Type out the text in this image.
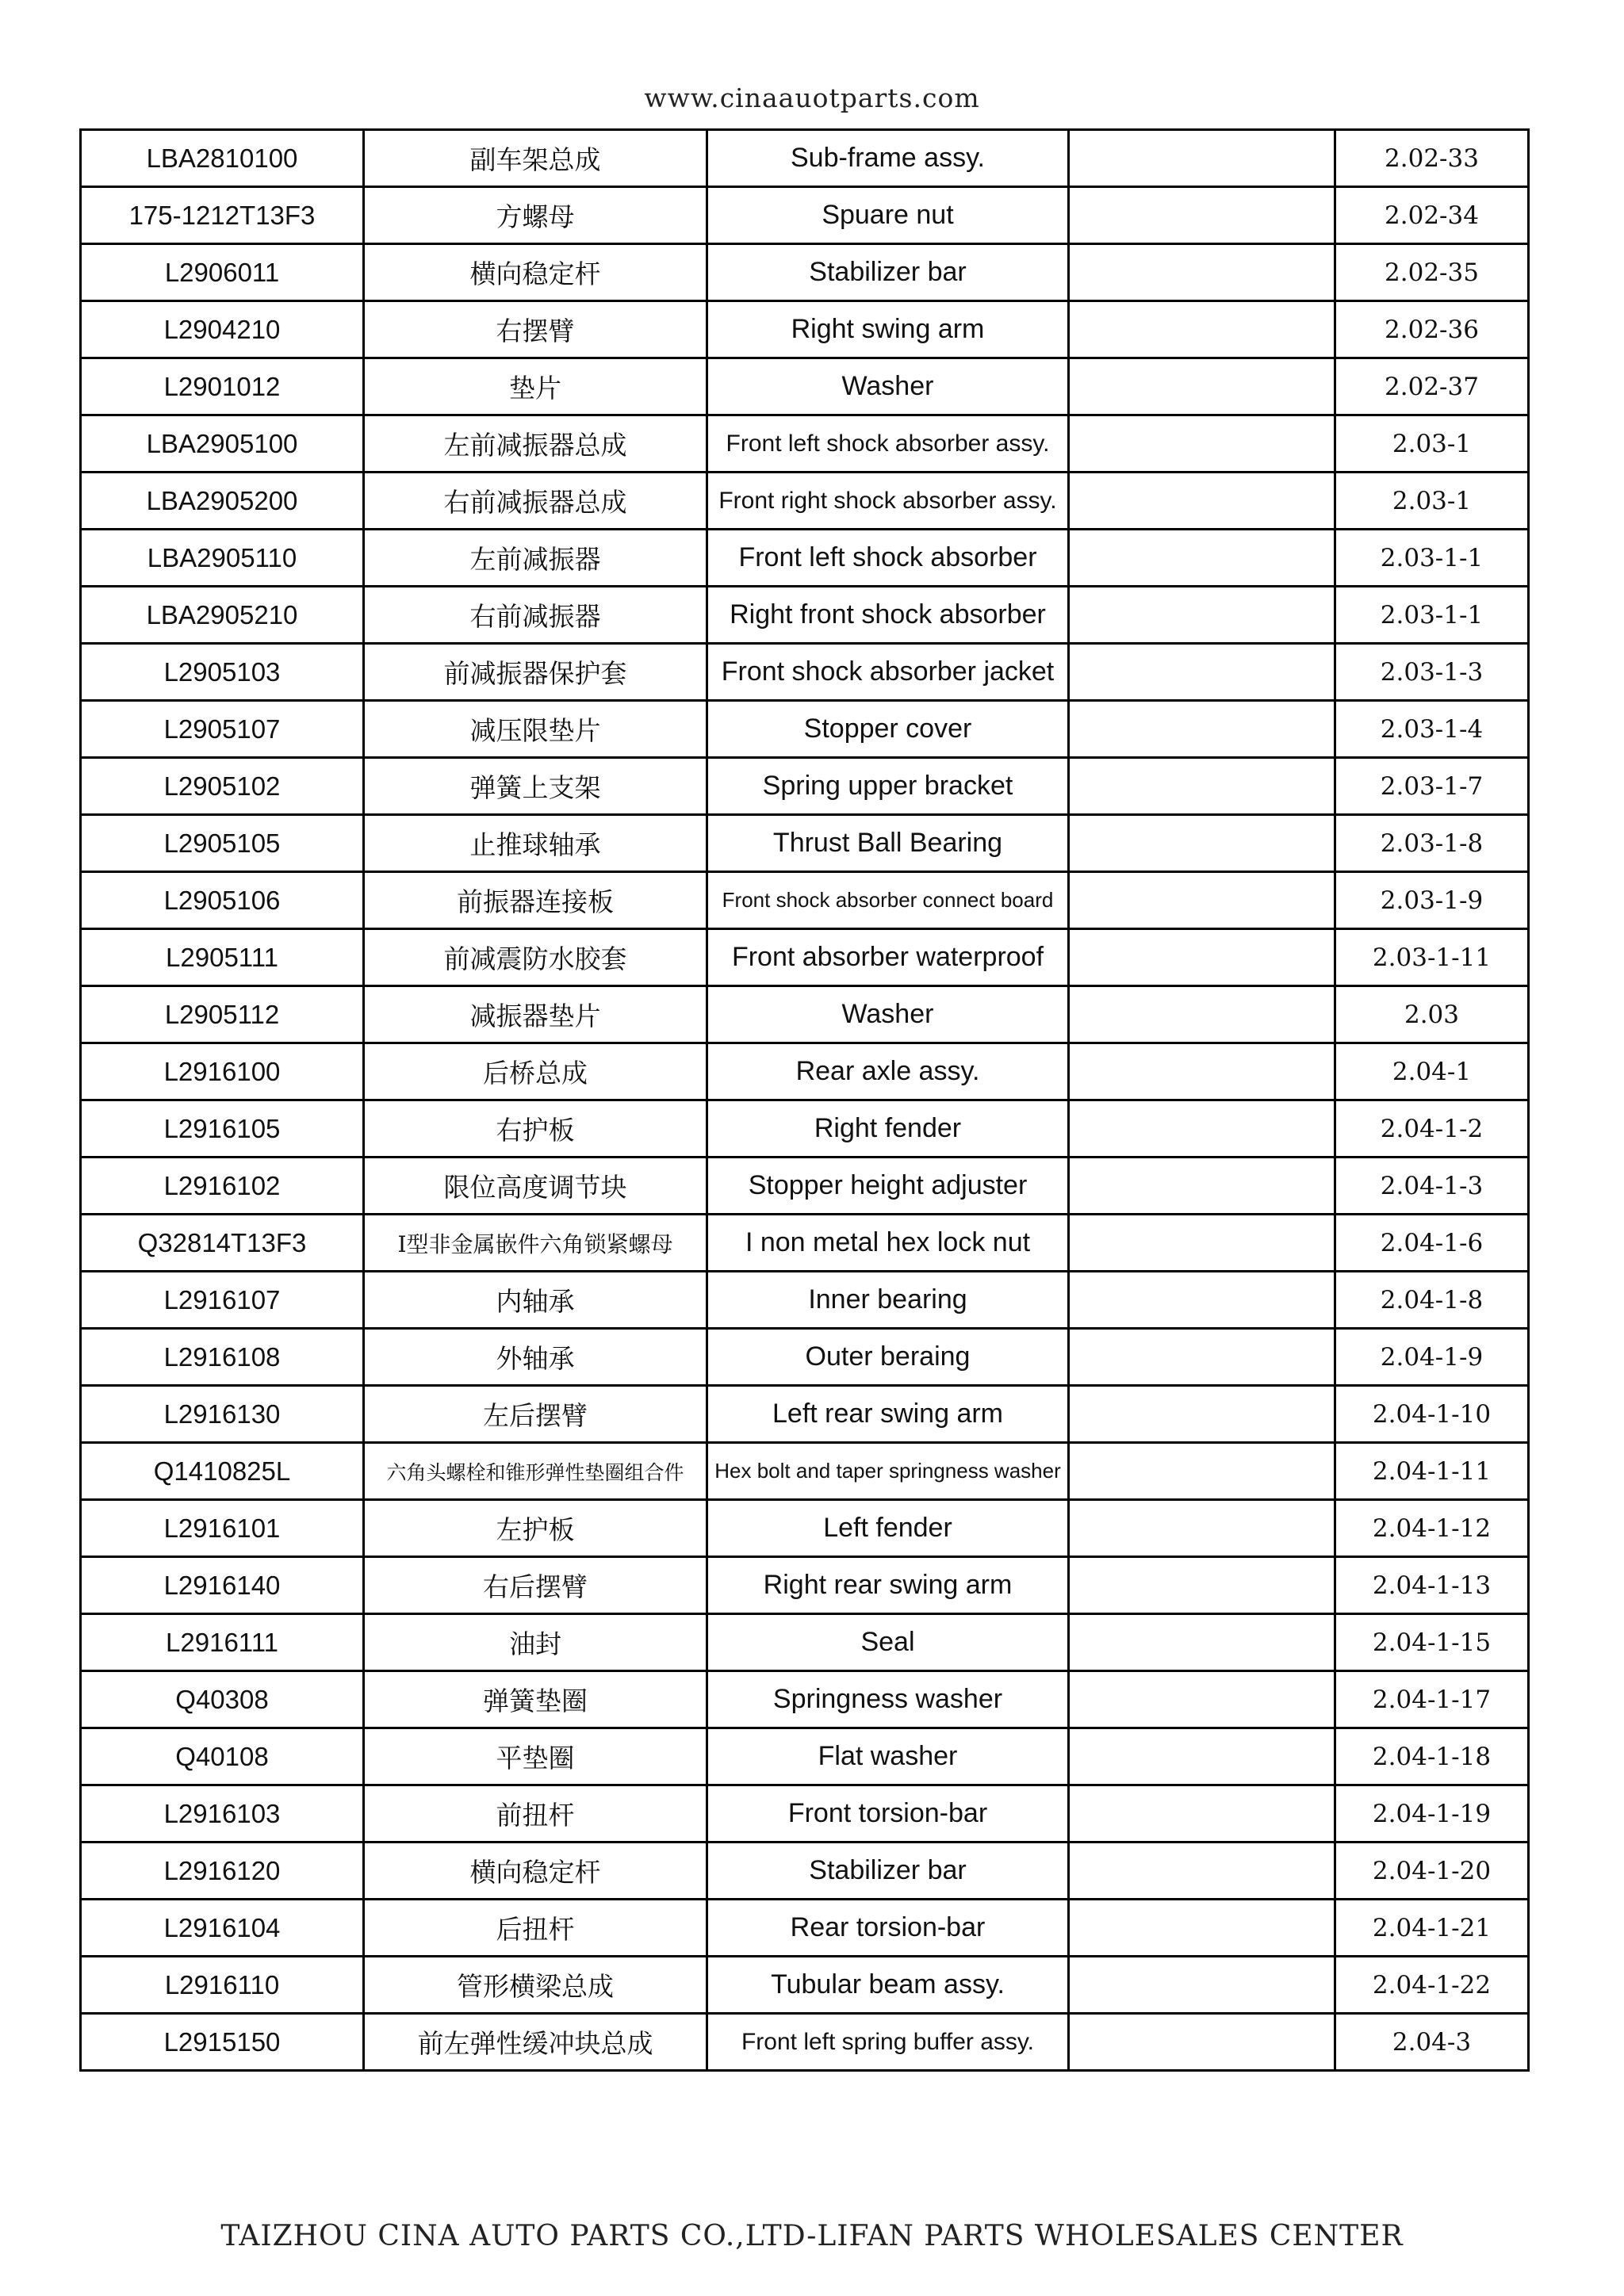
www.cinaauotparts.com
LBA2810100	副车架总成	Sub-frame assy.		2.02-33
175-1212T13F3	方螺母	Spuare nut		2.02-34
L2906011	横向稳定杆	Stabilizer bar		2.02-35
L2904210	右摆臂	Right swing arm		2.02-36
L2901012	垫片	Washer		2.02-37
LBA2905100	左前减振器总成	Front left shock absorber assy.		2.03-1
LBA2905200	右前减振器总成	Front right shock absorber assy.		2.03-1
LBA2905110	左前减振器	Front left shock absorber		2.03-1-1
LBA2905210	右前减振器	Right front shock absorber		2.03-1-1
L2905103	前减振器保护套	Front shock absorber jacket		2.03-1-3
L2905107	减压限垫片	Stopper cover		2.03-1-4
L2905102	弹簧上支架	Spring upper bracket		2.03-1-7
L2905105	止推球轴承	Thrust Ball Bearing		2.03-1-8
L2905106	前振器连接板	Front shock absorber connect board		2.03-1-9
L2905111	前减震防水胶套	Front absorber waterproof		2.03-1-11
L2905112	减振器垫片	Washer		2.03
L2916100	后桥总成	Rear axle assy.		2.04-1
L2916105	右护板	Right fender		2.04-1-2
L2916102	限位高度调节块	Stopper height adjuster		2.04-1-3
Q32814T13F3	I型非金属嵌件六角锁紧螺母	I non metal hex lock nut		2.04-1-6
L2916107	内轴承	Inner bearing		2.04-1-8
L2916108	外轴承	Outer beraing		2.04-1-9
L2916130	左后摆臂	Left rear swing arm		2.04-1-10
Q1410825L	六角头螺栓和锥形弹性垫圈组合件	Hex bolt and taper springness washer		2.04-1-11
L2916101	左护板	Left fender		2.04-1-12
L2916140	右后摆臂	Right rear swing arm		2.04-1-13
L2916111	油封	Seal		2.04-1-15
Q40308	弹簧垫圈	Springness washer		2.04-1-17
Q40108	平垫圈	Flat washer		2.04-1-18
L2916103	前扭杆	Front torsion-bar		2.04-1-19
L2916120	横向稳定杆	Stabilizer bar		2.04-1-20
L2916104	后扭杆	Rear torsion-bar		2.04-1-21
L2916110	管形横梁总成	Tubular beam assy.		2.04-1-22
L2915150	前左弹性缓冲块总成	Front left spring buffer assy.		2.04-3
TAIZHOU CINA AUTO PARTS CO.,LTD-LIFAN PARTS WHOLESALES CENTER
